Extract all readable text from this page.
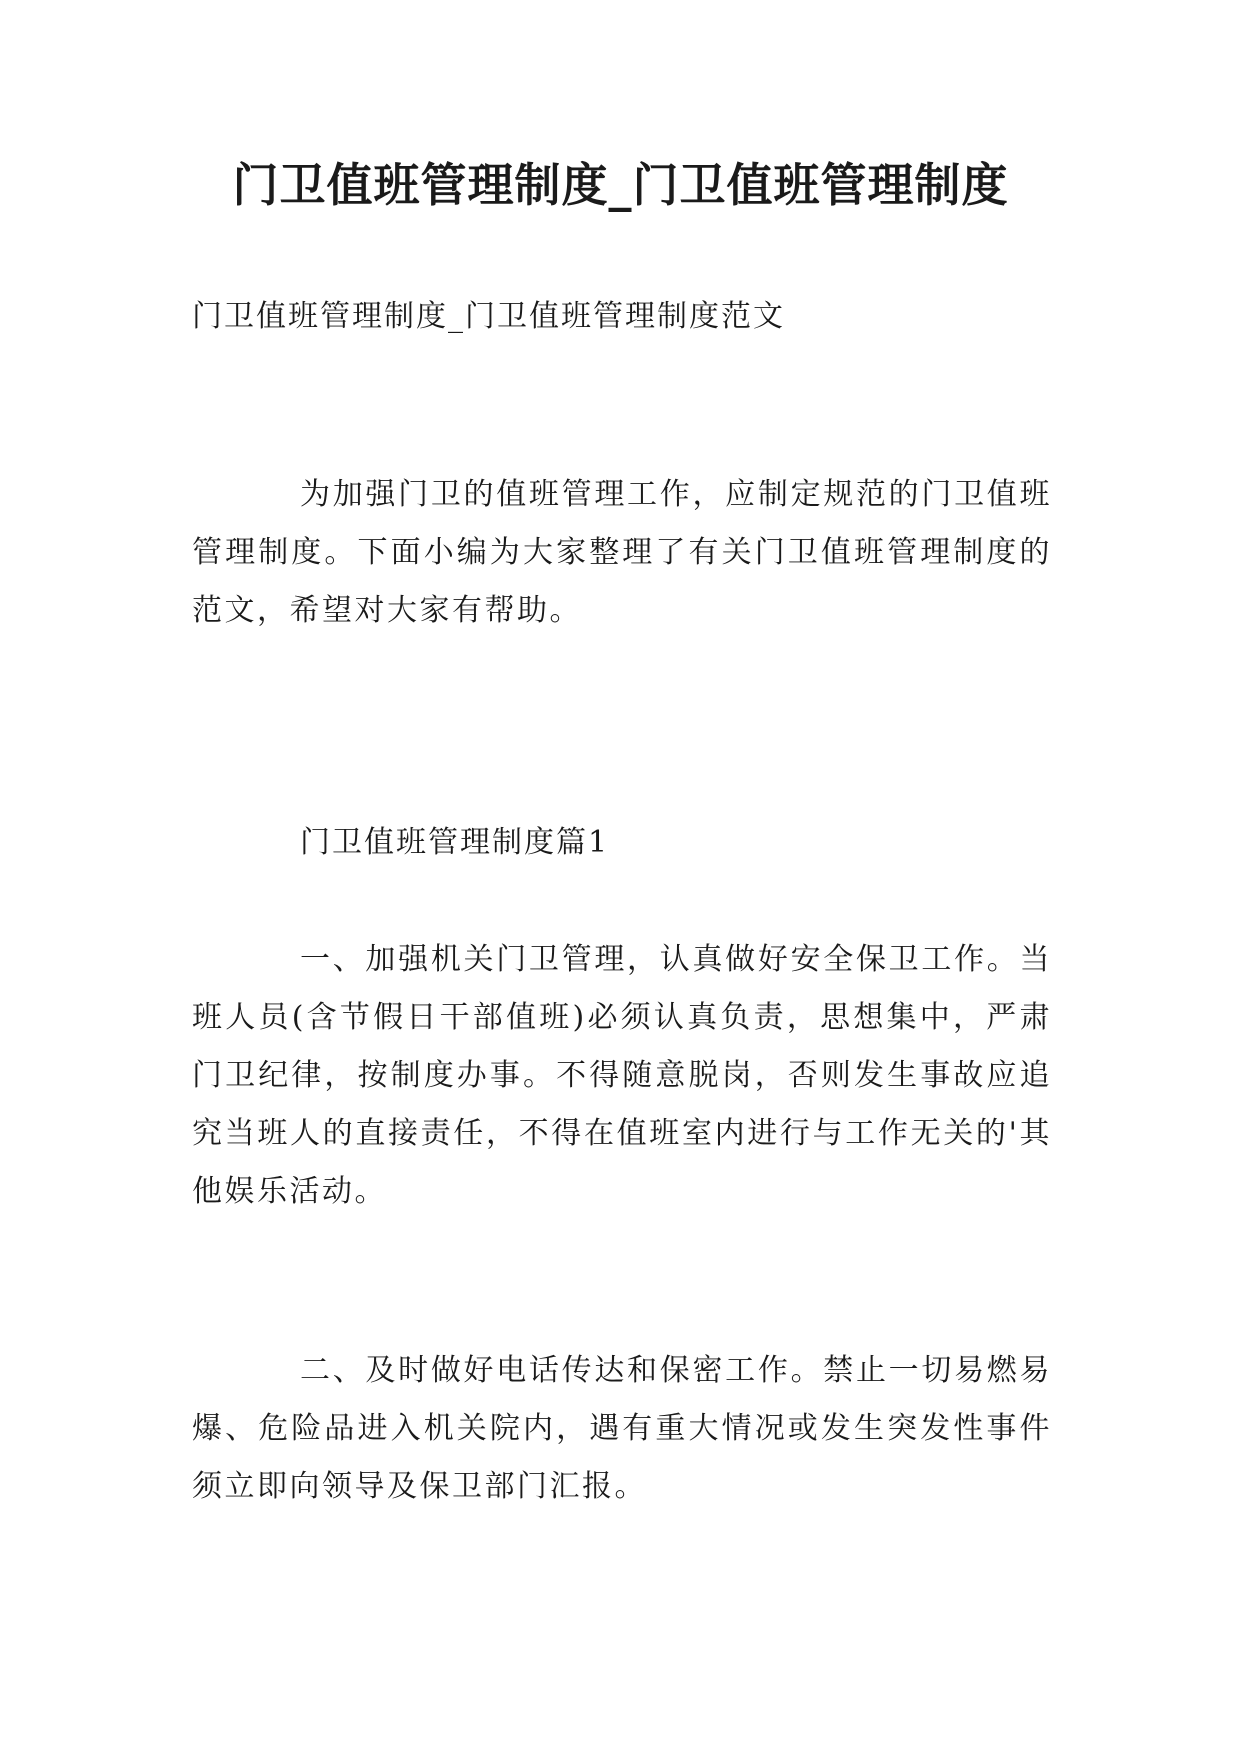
门卫值班管理制度_门卫值班管理制度
门卫值班管理制度_门卫值班管理制度范文
为加强门卫的值班管理工作，应制定规范的门卫值班管理制度。下面小编为大家整理了有关门卫值班管理制度的范文，希望对大家有帮助。
门卫值班管理制度篇1
一、加强机关门卫管理，认真做好安全保卫工作。当班人员(含节假日干部值班)必须认真负责，思想集中，严肃门卫纪律，按制度办事。不得随意脱岗，否则发生事故应追究当班人的直接责任，不得在值班室内进行与工作无关的'其他娱乐活动。
二、及时做好电话传达和保密工作。禁止一切易燃易爆、危险品进入机关院内，遇有重大情况或发生突发性事件须立即向领导及保卫部门汇报。
